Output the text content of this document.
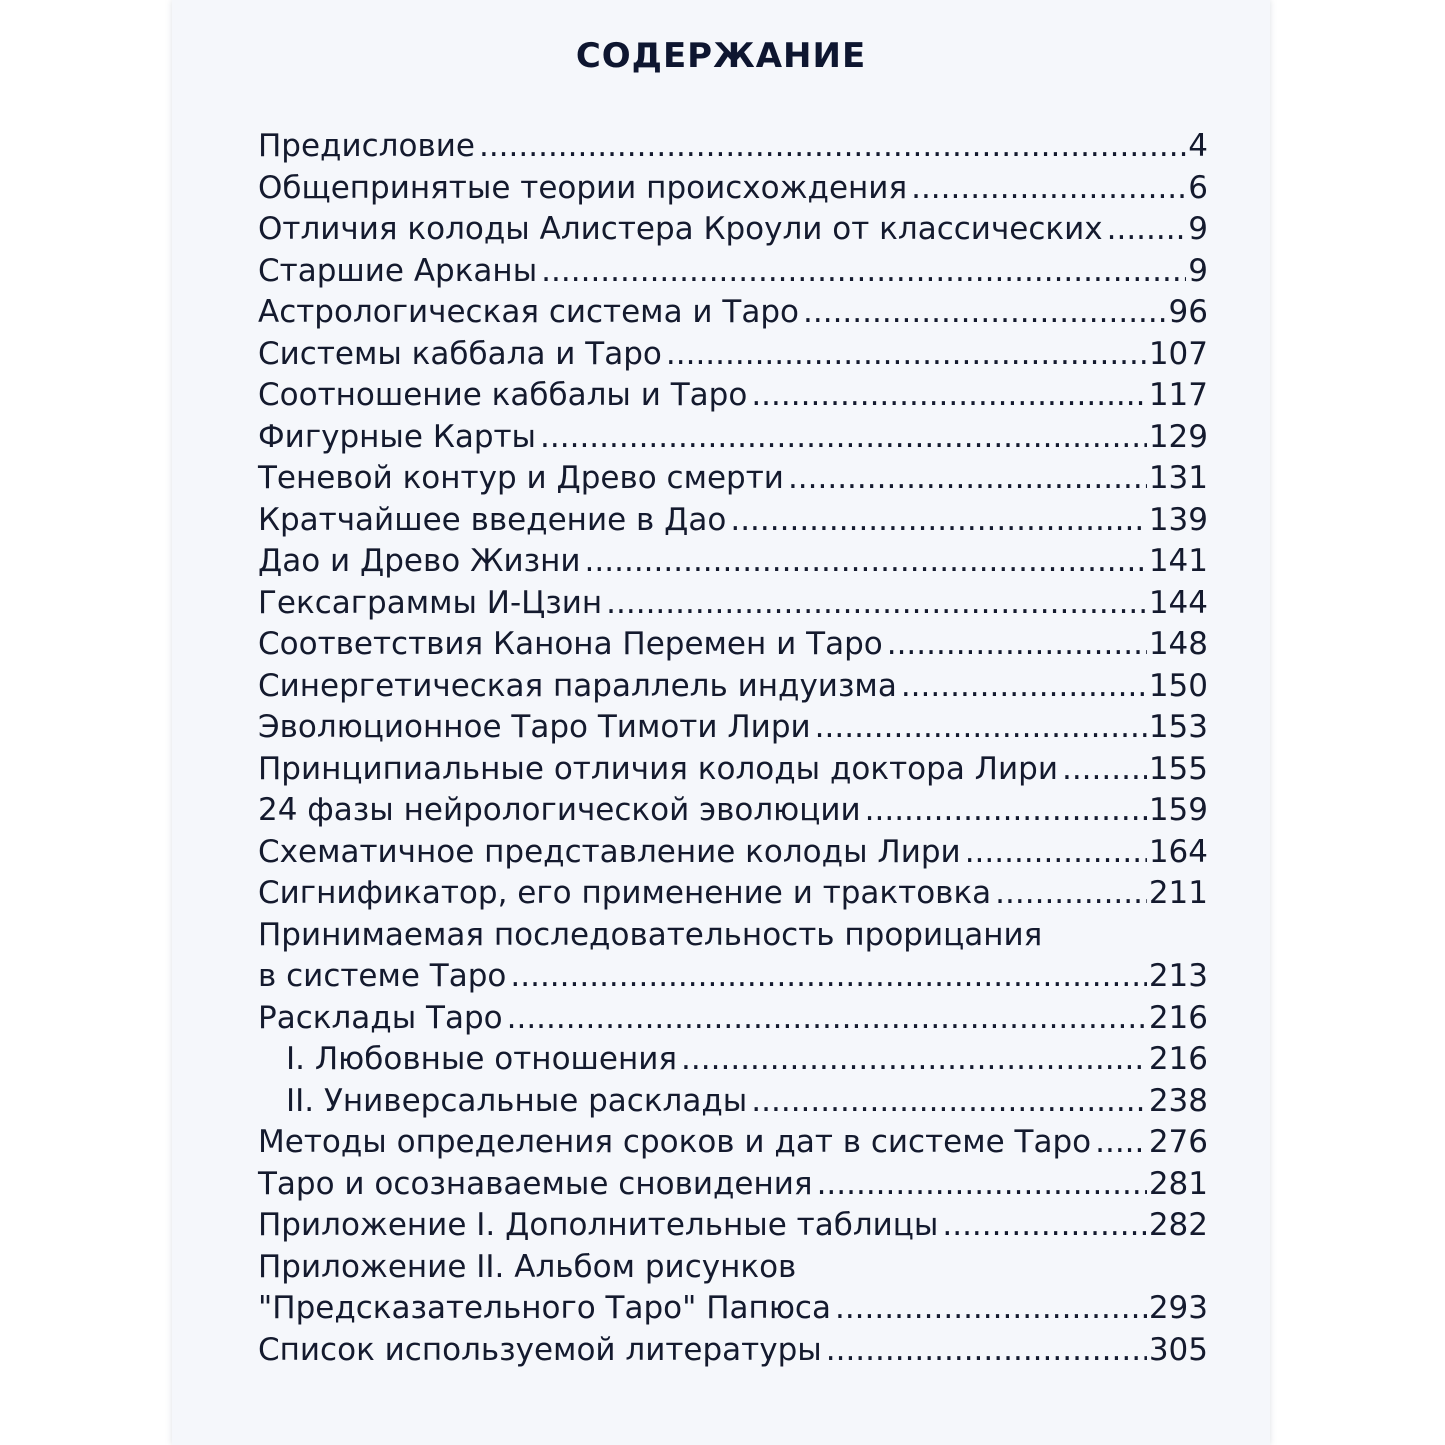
СОДЕРЖАНИЕ
Предисловие .....	4
Общепринятые теории происхождения .....	6
Отличия колоды Алистера Кроули от классических .....	9
Старшие Арканы .....	9
Астрологическая система и Таро .....	96
Системы каббала и Таро .....	107
Соотношение каббалы и Таро .....	117
Фигурные Карты .....	129
Теневой контур и Древо смерти .....	131
Кратчайшее введение в Дао .....	139
Дао и Древо Жизни .....	141
Гексаграммы И-Цзин .....	144
Соответствия Канона Перемен и Таро .....	148
Синергетическая параллель индуизма .....	150
Эволюционное Таро Тимоти Лири .....	153
Принципиальные отличия колоды доктора Лири .....	155
24 фазы нейрологической эволюции .....	159
Схематичное представление колоды Лири .....	164
Сигнификатор, его применение и трактовка .....	211
Принимаемая последовательность прорицания
в системе Таро .....	213
Расклады Таро .....	216
I. Любовные отношения .....	216
II. Универсальные расклады .....	238
Методы определения сроков и дат в системе Таро ..... 276
Таро и осознаваемые сновидения .....	281
Приложение I. Дополнительные таблицы .....	282
Приложение II. Альбом рисунков
"Предсказательного Таро" Папюса .....	293
Список используемой литературы .....	305
